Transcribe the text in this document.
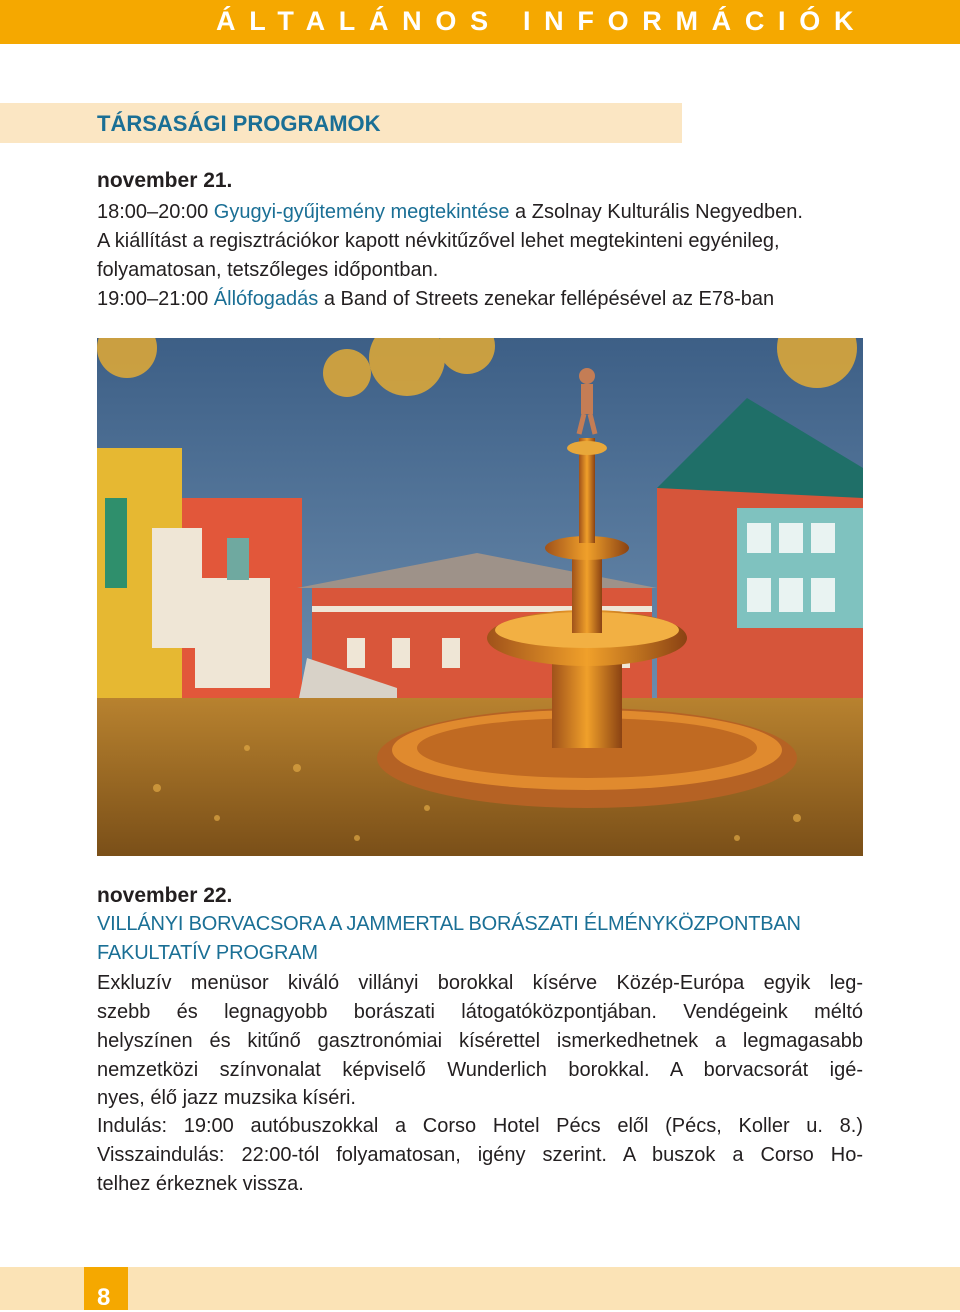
ÁLTALÁNOS INFORMÁCIÓK
TÁRSASÁGI PROGRAMOK
november 21.
18:00–20:00 Gyugyi-gyűjtemény megtekintése a Zsolnay Kulturális Negyedben.
A kiállítást a regisztrációkor kapott névkitűzővel lehet megtekinteni egyénileg,
folyamatosan, tetszőleges időpontban.
19:00–21:00 Állófogadás a Band of Streets zenekar fellépésével az E78-ban
november 22.
VILLÁNYI BORVACSORA A JAMMERTAL BORÁSZATI ÉLMÉNYKÖZPONTBAN
FAKULTATÍV PROGRAM
Exkluzív menüsor kiváló villányi borokkal kísérve Közép-Európa egyik leg-
szebb és legnagyobb borászati látogatóközpontjában. Vendégeink méltó
helyszínen és kitűnő gasztronómiai kísérettel ismerkedhetnek a legmagasabb
nemzetközi színvonalat képviselő Wunderlich borokkal. A borvacsorát igé-
nyes, élő jazz muzsika kíséri.
Indulás: 19:00 autóbuszokkal a Corso Hotel Pécs elől (Pécs, Koller u. 8.)
Visszaindulás: 22:00-tól folyamatosan, igény szerint. A buszok a Corso Ho-
telhez érkeznek vissza.
8
